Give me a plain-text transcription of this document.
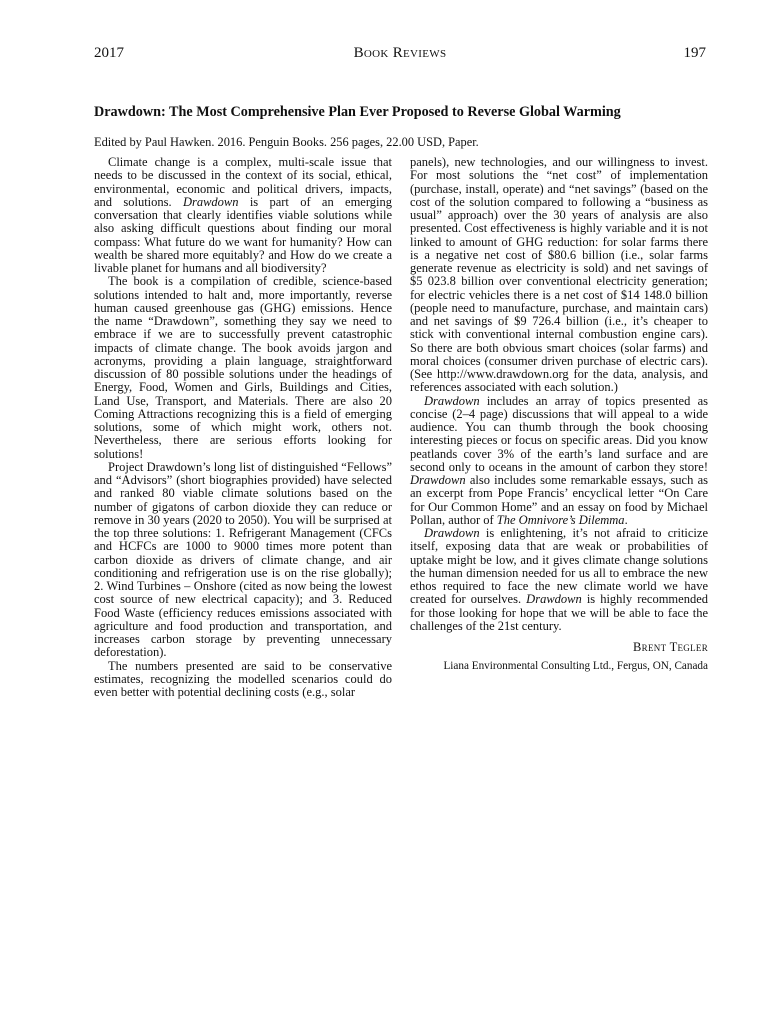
2017	Book Reviews	197
Drawdown: The Most Comprehensive Plan Ever Proposed to Reverse Global Warming
Edited by Paul Hawken. 2016. Penguin Books. 256 pages, 22.00 USD, Paper.

Climate change is a complex, multi-scale issue that needs to be discussed in the context of its social, ethical, environmental, economic and political drivers, impacts, and solutions. Drawdown is part of an emerging conversation that clearly identifies viable solutions while also asking difficult questions about finding our moral compass: What future do we want for humanity? How can wealth be shared more equitably? and How do we create a livable planet for humans and all biodiversity?

The book is a compilation of credible, science-based solutions intended to halt and, more importantly, reverse human caused greenhouse gas (GHG) emissions. Hence the name “Drawdown”, something they say we need to embrace if we are to successfully prevent catastrophic impacts of climate change. The book avoids jargon and acronyms, providing a plain language, straightforward discussion of 80 possible solutions under the headings of Energy, Food, Women and Girls, Buildings and Cities, Land Use, Transport, and Materials. There are also 20 Coming Attractions recognizing this is a field of emerging solutions, some of which might work, others not. Nevertheless, there are serious efforts looking for solutions!

Project Drawdown’s long list of distinguished “Fellows” and “Advisors” (short biographies provided) have selected and ranked 80 viable climate solutions based on the number of gigatons of carbon dioxide they can reduce or remove in 30 years (2020 to 2050). You will be surprised at the top three solutions: 1. Refrigerant Management (CFCs and HCFCs are 1000 to 9000 times more potent than carbon dioxide as drivers of climate change, and air conditioning and refrigeration use is on the rise globally); 2. Wind Turbines – Onshore (cited as now being the lowest cost source of new electrical capacity); and 3. Reduced Food Waste (efficiency reduces emissions associated with agriculture and food production and transportation, and increases carbon storage by preventing unnecessary deforestation).

The numbers presented are said to be conservative estimates, recognizing the modelled scenarios could do even better with potential declining costs (e.g., solar

panels), new technologies, and our willingness to invest. For most solutions the “net cost” of implementation (purchase, install, operate) and “net savings” (based on the cost of the solution compared to following a “business as usual” approach) over the 30 years of analysis are also presented. Cost effectiveness is highly variable and it is not linked to amount of GHG reduction: for solar farms there is a negative net cost of $80.6 billion (i.e., solar farms generate revenue as electricity is sold) and net savings of $5 023.8 billion over conventional electricity generation; for electric vehicles there is a net cost of $14 148.0 billion (people need to manufacture, purchase, and maintain cars) and net savings of $9 726.4 billion (i.e., it’s cheaper to stick with conventional internal combustion engine cars). So there are both obvious smart choices (solar farms) and moral choices (consumer driven purchase of electric cars). (See http://www.drawdown.org for the data, analysis, and references associated with each solution.)

Drawdown includes an array of topics presented as concise (2–4 page) discussions that will appeal to a wide audience. You can thumb through the book choosing interesting pieces or focus on specific areas. Did you know peatlands cover 3% of the earth’s land surface and are second only to oceans in the amount of carbon they store! Drawdown also includes some remarkable essays, such as an excerpt from Pope Francis’ encyclical letter “On Care for Our Common Home” and an essay on food by Michael Pollan, author of The Omnivore’s Dilemma.

Drawdown is enlightening, it’s not afraid to criticize itself, exposing data that are weak or probabilities of uptake might be low, and it gives climate change solutions the human dimension needed for us all to embrace the new ethos required to face the new climate world we have created for ourselves. Drawdown is highly recommended for those looking for hope that we will be able to face the challenges of the 21st century.

Brent Tegler
Liana Environmental Consulting Ltd., Fergus, ON, Canada
